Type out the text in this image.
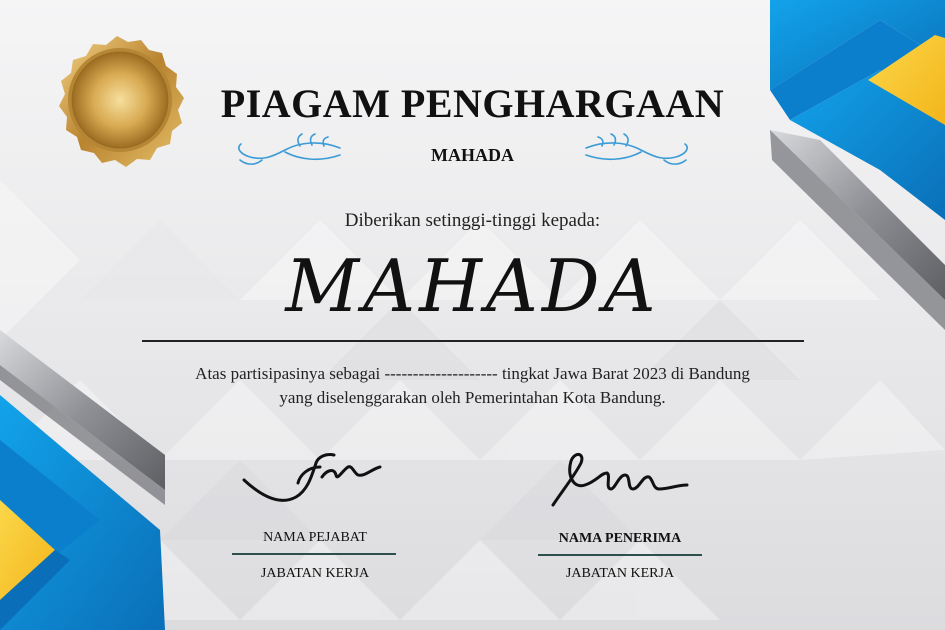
PIAGAM PENGHARGAAN
MAHADA
Diberikan setinggi-tinggi kepada:
MAHADA
Atas partisipasinya sebagai -------------------- tingkat Jawa Barat 2023 di Bandung
yang diselenggarakan oleh Pemerintahan Kota Bandung.
NAMA PEJABAT
JABATAN KERJA
NAMA PENERIMA
JABATAN KERJA
